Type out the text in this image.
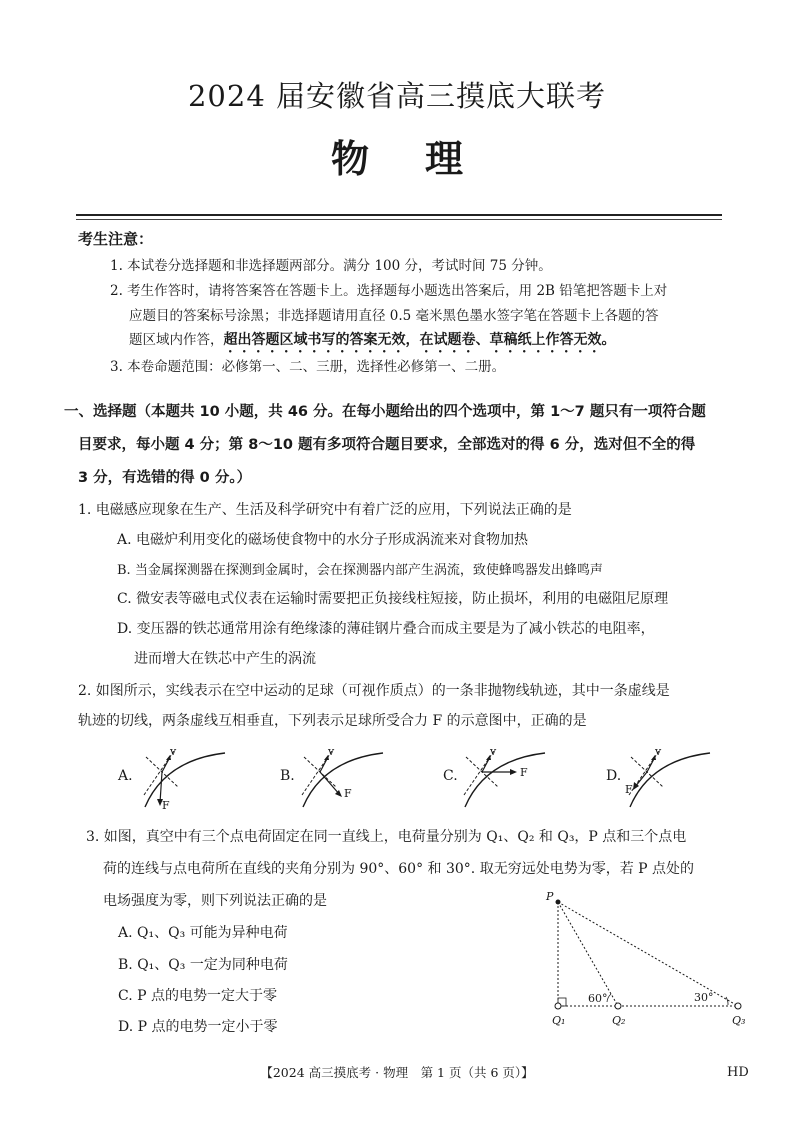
2024 届安徽省高三摸底大联考
物理
考生注意：
1. 本试卷分选择题和非选择题两部分。满分 100 分，考试时间 75 分钟。
2. 考生作答时，请将答案答在答题卡上。选择题每小题选出答案后，用 2B 铅笔把答题卡上对
应题目的答案标号涂黑；非选择题请用直径 0.5 毫米黑色墨水签字笔在答题卡上各题的答
题区域内作答，超出答题区域书写的答案无效，在试题卷、草稿纸上作答无效。
3. 本卷命题范围：必修第一、二、三册，选择性必修第一、二册。
一、选择题（本题共 10 小题，共 46 分。在每小题给出的四个选项中，第 1～7 题只有一项符合题
目要求，每小题 4 分；第 8～10 题有多项符合题目要求，全部选对的得 6 分，选对但不全的得
3 分，有选错的得 0 分。）
1. 电磁感应现象在生产、生活及科学研究中有着广泛的应用，下列说法正确的是
A. 电磁炉利用变化的磁场使食物中的水分子形成涡流来对食物加热
B. 当金属探测器在探测到金属时，会在探测器内部产生涡流，致使蜂鸣器发出蜂鸣声
C. 微安表等磁电式仪表在运输时需要把正负接线柱短接，防止损坏，利用的电磁阻尼原理
D. 变压器的铁芯通常用涂有绝缘漆的薄硅钢片叠合而成主要是为了减小铁芯的电阻率，
进而增大在铁芯中产生的涡流
2. 如图所示，实线表示在空中运动的足球（可视作质点）的一条非抛物线轨迹，其中一条虚线是
轨迹的切线，两条虚线互相垂直，下列表示足球所受合力 F 的示意图中，正确的是
A.
v
F
B.
v
F
C.
v
F	D.
v
F
3. 如图，真空中有三个点电荷固定在同一直线上，电荷量分别为 Q₁、Q₂ 和 Q₃，P 点和三个点电
荷的连线与点电荷所在直线的夹角分别为 90°、60° 和 30°. 取无穷远处电势为零，若 P 点处的
电场强度为零，则下列说法正确的是
A. Q₁、Q₃ 可能为异种电荷
B. Q₁、Q₃ 一定为同种电荷
C. P 点的电势一定大于零
D. P 点的电势一定小于零
P
60°	30°
Q₁	Q₂	Q₃
【2024 高三摸底考 · 物理　第 1 页（共 6 页）】	HD
